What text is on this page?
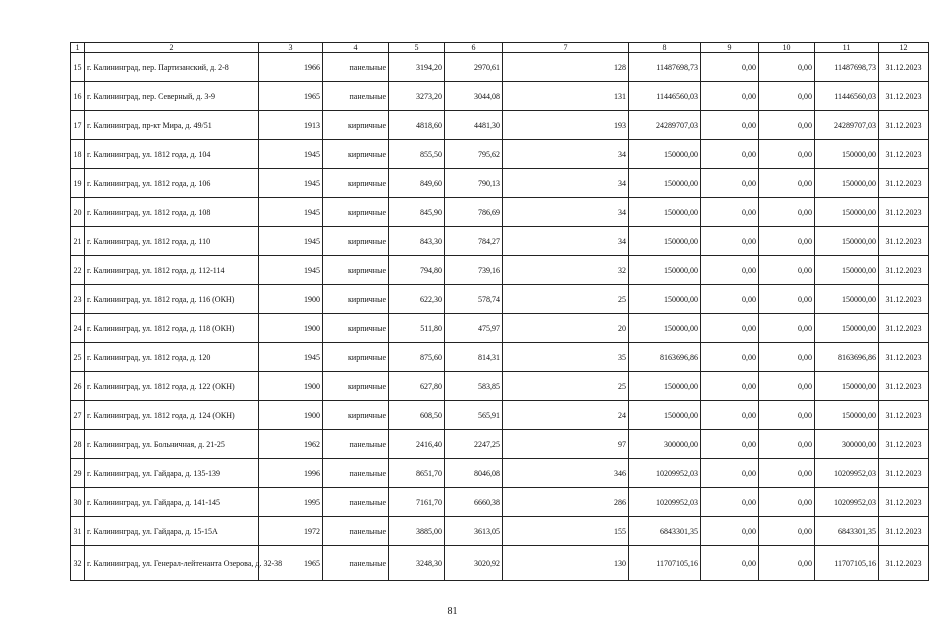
1	2	3	4	5	6	7	8	9	10	11	12
15	г. Калининград, пер. Партизанский, д. 2-8	1966	панельные	3194,20	2970,61	128	11487698,73	0,00	0,00	11487698,73	31.12.2023
16	г. Калининград, пер. Северный, д. 3-9	1965	панельные	3273,20	3044,08	131	11446560,03	0,00	0,00	11446560,03	31.12.2023
17	г. Калининград, пр-кт Мира, д. 49/51	1913	кирпичные	4818,60	4481,30	193	24289707,03	0,00	0,00	24289707,03	31.12.2023
18	г. Калининград, ул. 1812 года, д. 104	1945	кирпичные	855,50	795,62	34	150000,00	0,00	0,00	150000,00	31.12.2023
19	г. Калининград, ул. 1812 года, д. 106	1945	кирпичные	849,60	790,13	34	150000,00	0,00	0,00	150000,00	31.12.2023
20	г. Калининград, ул. 1812 года, д. 108	1945	кирпичные	845,90	786,69	34	150000,00	0,00	0,00	150000,00	31.12.2023
21	г. Калининград, ул. 1812 года, д. 110	1945	кирпичные	843,30	784,27	34	150000,00	0,00	0,00	150000,00	31.12.2023
22	г. Калининград, ул. 1812 года, д. 112-114	1945	кирпичные	794,80	739,16	32	150000,00	0,00	0,00	150000,00	31.12.2023
23	г. Калининград, ул. 1812 года, д. 116 (ОКН)	1900	кирпичные	622,30	578,74	25	150000,00	0,00	0,00	150000,00	31.12.2023
24	г. Калининград, ул. 1812 года, д. 118 (ОКН)	1900	кирпичные	511,80	475,97	20	150000,00	0,00	0,00	150000,00	31.12.2023
25	г. Калининград, ул. 1812 года, д. 120	1945	кирпичные	875,60	814,31	35	8163696,86	0,00	0,00	8163696,86	31.12.2023
26	г. Калининград, ул. 1812 года, д. 122 (ОКН)	1900	кирпичные	627,80	583,85	25	150000,00	0,00	0,00	150000,00	31.12.2023
27	г. Калининград, ул. 1812 года, д. 124 (ОКН)	1900	кирпичные	608,50	565,91	24	150000,00	0,00	0,00	150000,00	31.12.2023
28	г. Калининград, ул. Больничная, д. 21-25	1962	панельные	2416,40	2247,25	97	300000,00	0,00	0,00	300000,00	31.12.2023
29	г. Калининград, ул. Гайдара, д. 135-139	1996	панельные	8651,70	8046,08	346	10209952,03	0,00	0,00	10209952,03	31.12.2023
30	г. Калининград, ул. Гайдара, д. 141-145	1995	панельные	7161,70	6660,38	286	10209952,03	0,00	0,00	10209952,03	31.12.2023
31	г. Калининград, ул. Гайдара, д. 15-15А	1972	панельные	3885,00	3613,05	155	6843301,35	0,00	0,00	6843301,35	31.12.2023
32	г. Калининград, ул. Генерал-лейтенанта Озерова, д. 32-38	1965	панельные	3248,30	3020,92	130	11707105,16	0,00	0,00	11707105,16	31.12.2023
81
